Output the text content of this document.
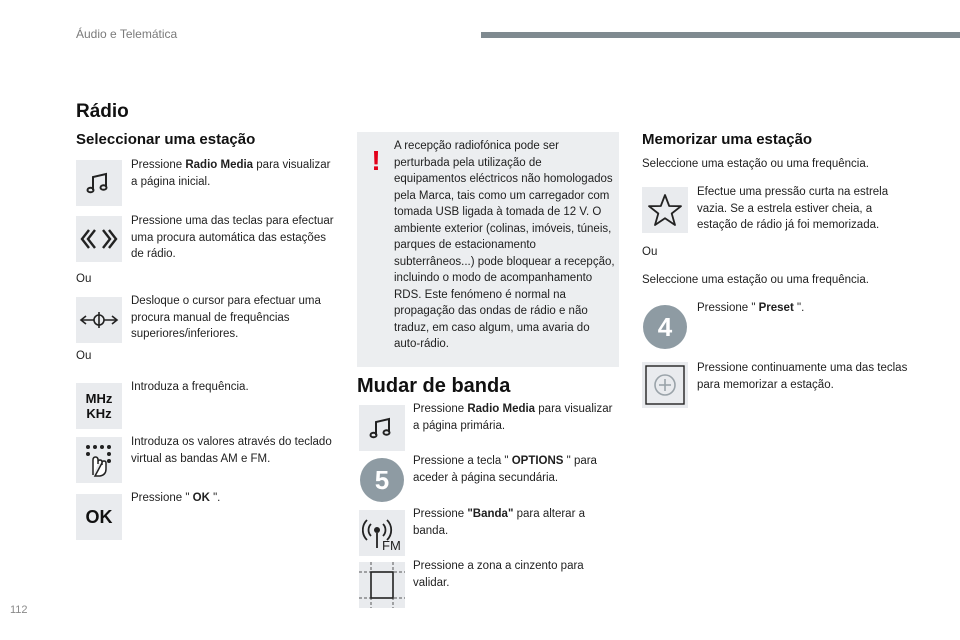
Áudio e Telemática
Rádio
Seleccionar uma estação
Pressione Radio Media para visualizar a página inicial.
Pressione uma das teclas para efectuar uma procura automática das estações de rádio.
Ou
Desloque o cursor para efectuar uma procura manual de frequências superiores/inferiores.
Ou
MHz
KHz
Introduza a frequência.
Introduza os valores através do teclado virtual as bandas AM e FM.
OK
Pressione " OK ".
! A recepção radiofónica pode ser perturbada pela utilização de equipamentos eléctricos não homologados pela Marca, tais como um carregador com tomada USB ligada à tomada de 12 V. O ambiente exterior (colinas, imóveis, túneis, parques de estacionamento subterrâneos...) pode bloquear a recepção, incluindo o modo de acompanhamento RDS. Este fenómeno é normal na propagação das ondas de rádio e não traduz, em caso algum, uma avaria do auto-rádio.
Mudar de banda
Pressione Radio Media para visualizar a página primária.
5
Pressione a tecla " OPTIONS " para aceder à página secundária.
FM
Pressione "Banda" para alterar a banda.
Pressione a zona a cinzento para validar.
Memorizar uma estação
Seleccione uma estação ou uma frequência.
Efectue uma pressão curta na estrela vazia. Se a estrela estiver cheia, a estação de rádio já foi memorizada.
Ou
Seleccione uma estação ou uma frequência.
4
Pressione " Preset ".
Pressione continuamente uma das teclas para memorizar a estação.
112
